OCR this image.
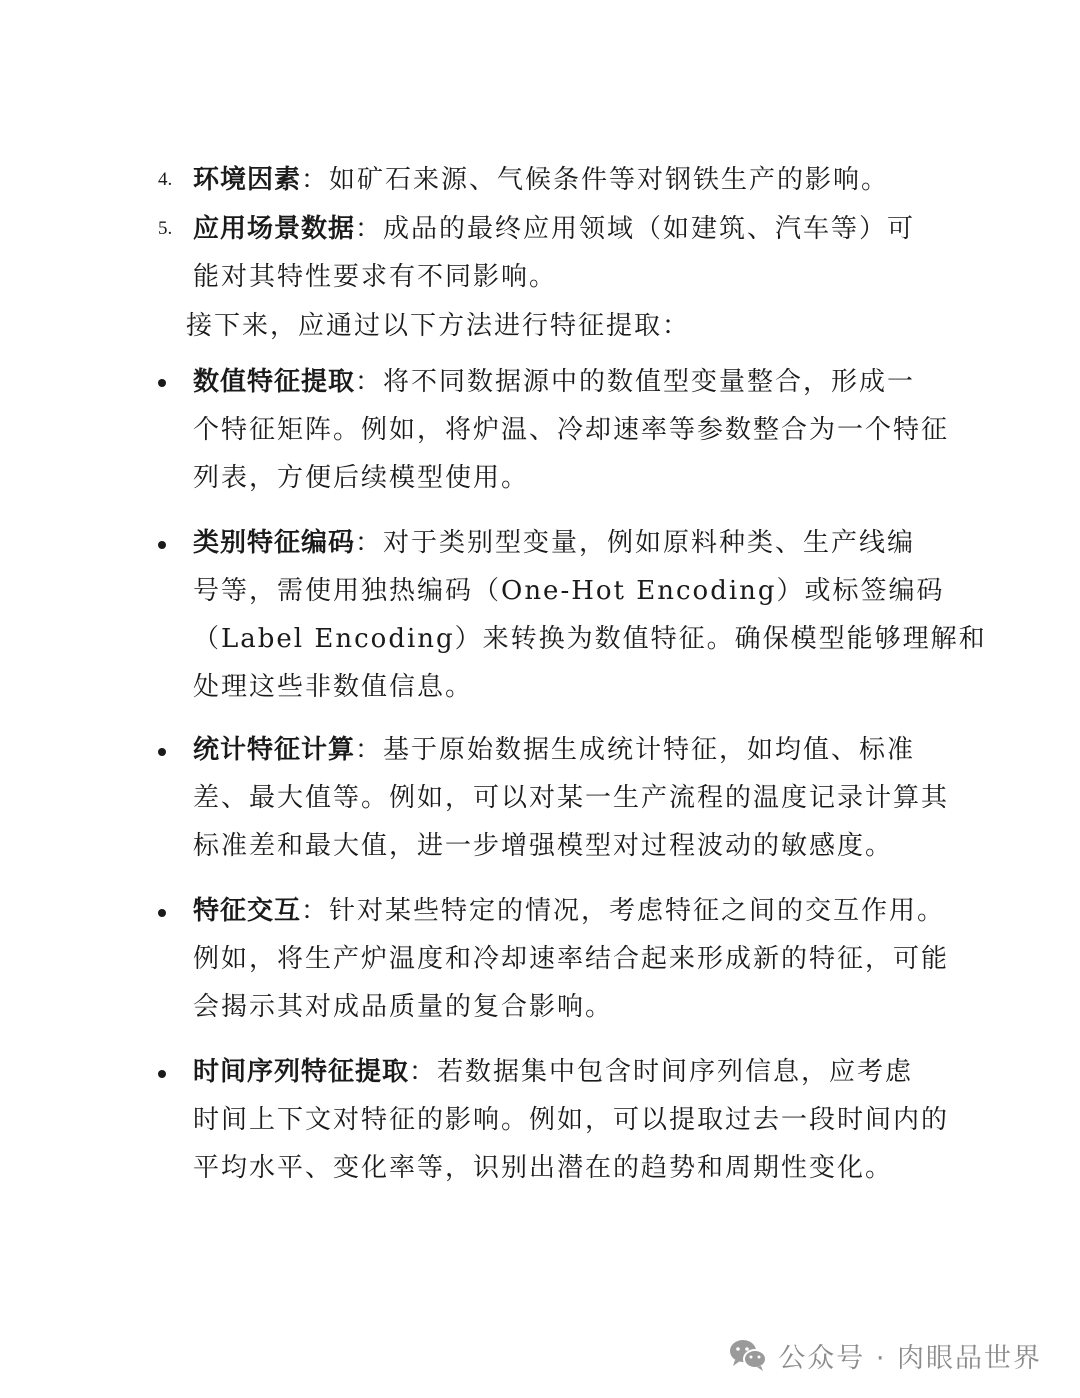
4. 环境因素：如矿石来源、气候条件等对钢铁生产的影响。
5. 应用场景数据：成品的最终应用领域（如建筑、汽车等）可
能对其特性要求有不同影响。
接下来，应通过以下方法进行特征提取：
数值特征提取：将不同数据源中的数值型变量整合，形成一
个特征矩阵。例如，将炉温、冷却速率等参数整合为一个特征
列表，方便后续模型使用。
类别特征编码：对于类别型变量，例如原料种类、生产线编
号等，需使用独热编码（One-Hot Encoding）或标签编码
（Label Encoding）来转换为数值特征。确保模型能够理解和
处理这些非数值信息。
统计特征计算：基于原始数据生成统计特征，如均值、标准
差、最大值等。例如，可以对某一生产流程的温度记录计算其
标准差和最大值，进一步增强模型对过程波动的敏感度。
特征交互：针对某些特定的情况，考虑特征之间的交互作用。
例如，将生产炉温度和冷却速率结合起来形成新的特征，可能
会揭示其对成品质量的复合影响。
时间序列特征提取：若数据集中包含时间序列信息，应考虑
时间上下文对特征的影响。例如，可以提取过去一段时间内的
平均水平、变化率等，识别出潜在的趋势和周期性变化。
公众号 · 肉眼品世界
